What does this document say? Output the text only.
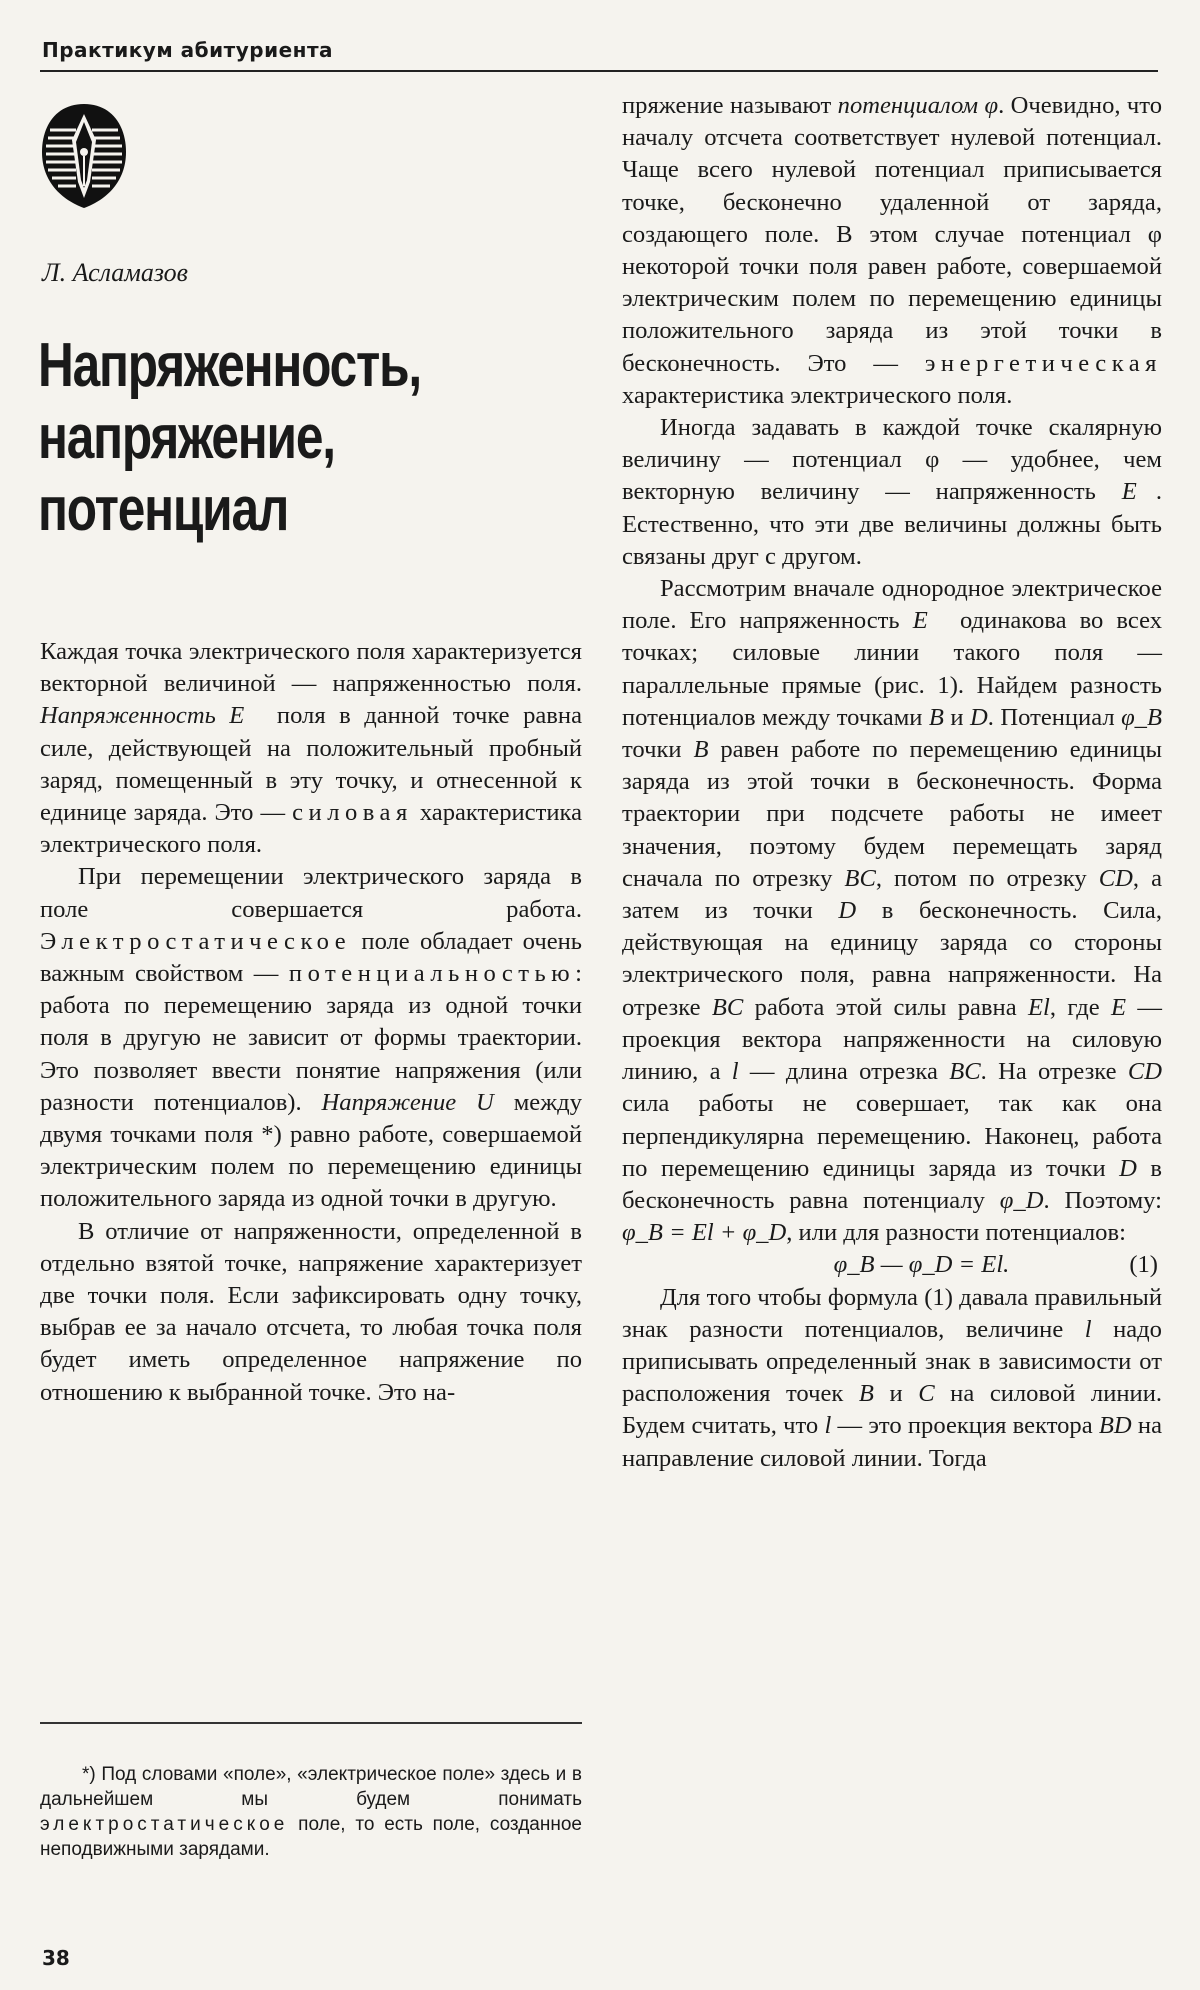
Практикум абитуриента
Л. Асламазов
Напряженность,
напряжение,
потенциал

Каждая точка электрического поля характеризуется векторной величиной — напряженностью поля. Напряженность E⃗ поля в данной точке равна силе, действующей на положительный пробный заряд, помещенный в эту точку, и отнесенной к единице заряда. Это — силовая характеристика электрического поля.

При перемещении электрического заряда в поле совершается работа. Электростатическое поле обладает очень важным свойством — потенциальностью: работа по перемещению заряда из одной точки поля в другую не зависит от формы траектории. Это позволяет ввести понятие напряжения (или разности потенциалов). Напряжение U между двумя точками поля *) равно работе, совершаемой электрическим полем по перемещению единицы положительного заряда из одной точки в другую.

В отличие от напряженности, определенной в отдельно взятой точке, напряжение характеризует две точки поля. Если зафиксировать одну точку, выбрав ее за начало отсчета, то любая точка поля будет иметь определенное напряжение по отношению к выбранной точке. Это на-

пряжение называют потенциалом φ. Очевидно, что началу отсчета соответствует нулевой потенциал. Чаще всего нулевой потенциал приписывается точке, бесконечно удаленной от заряда, создающего поле. В этом случае потенциал φ некоторой точки поля равен работе, совершаемой электрическим полем по перемещению единицы положительного заряда из этой точки в бесконечность. Это — энергетическая характеристика электрического поля.

Иногда задавать в каждой точке скалярную величину — потенциал φ — удобнее, чем векторную величину — напряженность E⃗. Естественно, что эти две величины должны быть связаны друг с другом.

Рассмотрим вначале однородное электрическое поле. Его напряженность E⃗ одинакова во всех точках; силовые линии такого поля — параллельные прямые (рис. 1). Найдем разность потенциалов между точками B и D. Потенциал φ_B точки B равен работе по перемещению единицы заряда из этой точки в бесконечность. Форма траектории при подсчете работы не имеет значения, поэтому будем перемещать заряд сначала по отрезку BC, потом по отрезку CD, а затем из точки D в бесконечность. Сила, действующая на единицу заряда со стороны электрического поля, равна напряженности. На отрезке BC работа этой силы равна El, где E — проекция вектора напряженности на силовую линию, а l — длина отрезка BC. На отрезке CD сила работы не совершает, так как она перпендикулярна перемещению. Наконец, работа по перемещению единицы заряда из точки D в бесконечность равна потенциалу φ_D. Поэтому: φ_B = El + φ_D, или для разности потенциалов:

φ_B — φ_D = El.	(1)

Для того чтобы формула (1) давала правильный знак разности потенциалов, величине l надо приписывать определенный знак в зависимости от расположения точек B и C на силовой линии. Будем считать, что l — это проекция вектора BD на направление силовой линии. Тогда

*) Под словами «поле», «электрическое поле» здесь и в дальнейшем мы будем понимать электростатическое поле, то есть поле, созданное неподвижными зарядами.

38
